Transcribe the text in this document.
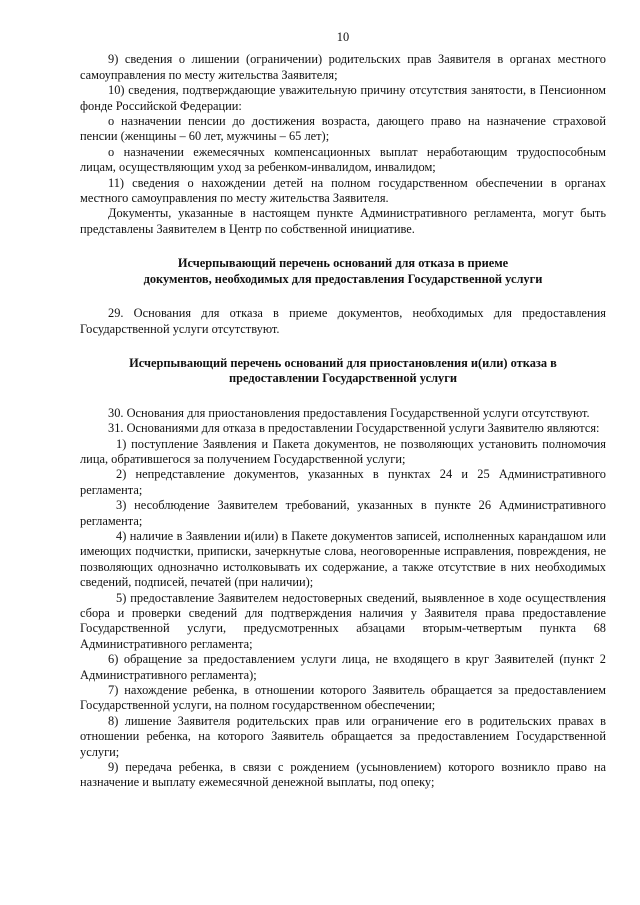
10

9) сведения о лишении (ограничении) родительских прав Заявителя в органах местного самоуправления по месту жительства Заявителя;

10) сведения, подтверждающие уважительную причину отсутствия занятости, в Пенсионном фонде Российской Федерации:

о назначении пенсии до достижения возраста, дающего право на назначение страховой пенсии (женщины – 60 лет, мужчины – 65 лет);

о назначении ежемесячных компенсационных выплат неработающим трудоспособным лицам, осуществляющим уход за ребенком-инвалидом, инвалидом;

11) сведения о нахождении детей на полном государственном обеспечении в органах местного самоуправления по месту жительства Заявителя.

Документы, указанные в настоящем пункте Административного регламента, могут быть представлены Заявителем в Центр по собственной инициативе.

Исчерпывающий перечень оснований для отказа в приеме
документов, необходимых для предоставления Государственной услуги

29. Основания для отказа в приеме документов, необходимых для предоставления Государственной услуги отсутствуют.

Исчерпывающий перечень оснований для приостановления и(или) отказа в
предоставлении Государственной услуги

30. Основания для приостановления предоставления Государственной услуги отсутствуют.

31. Основаниями для отказа в предоставлении Государственной услуги Заявителю являются:

1) поступление Заявления и Пакета документов, не позволяющих установить полномочия лица, обратившегося за получением Государственной услуги;

2) непредставление документов, указанных в пунктах 24 и 25 Административного регламента;

3) несоблюдение Заявителем требований, указанных в пункте 26 Административного регламента;

4) наличие в Заявлении и(или) в Пакете документов записей, исполненных карандашом или имеющих подчистки, приписки, зачеркнутые слова, неоговоренные исправления, повреждения, не позволяющих однозначно истолковывать их содержание, а также отсутствие в них необходимых сведений, подписей, печатей (при наличии);

5) предоставление Заявителем недостоверных сведений, выявленное в ходе осуществления сбора и проверки сведений для подтверждения наличия у Заявителя права предоставление Государственной услуги, предусмотренных абзацами вторым-четвертым пункта 68 Административного регламента;

6) обращение за предоставлением услуги лица, не входящего в круг Заявителей (пункт 2 Административного регламента);

7) нахождение ребенка, в отношении которого Заявитель обращается за предоставлением Государственной услуги, на полном государственном обеспечении;

8) лишение Заявителя родительских прав или ограничение его в родительских правах в отношении ребенка, на которого Заявитель обращается за предоставлением Государственной услуги;

9) передача ребенка, в связи с рождением (усыновлением) которого возникло право на назначение и выплату ежемесячной денежной выплаты, под опеку;
